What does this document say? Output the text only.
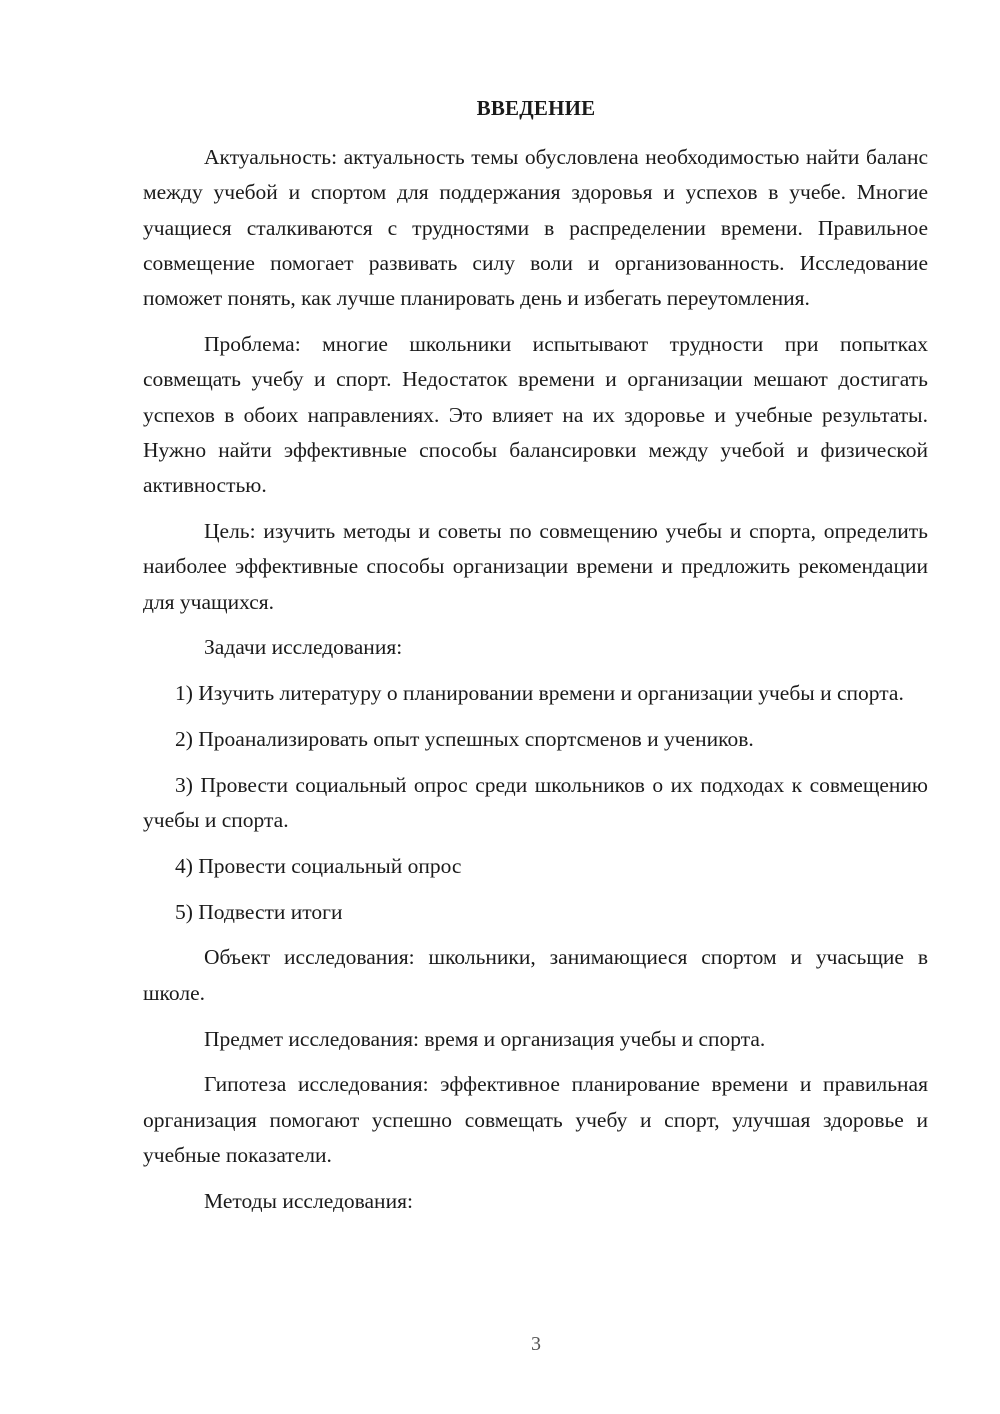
ВВЕДЕНИЕ

Актуальность: актуальность темы обусловлена необходимостью найти баланс между учебой и спортом для поддержания здоровья и успехов в учебе. Многие учащиеся сталкиваются с трудностями в распределении времени. Правильное совмещение помогает развивать силу воли и организованность. Исследование поможет понять, как лучше планировать день и избегать переутомления.

Проблема: многие школьники испытывают трудности при попытках совмещать учебу и спорт. Недостаток времени и организации мешают достигать успехов в обоих направлениях. Это влияет на их здоровье и учебные результаты. Нужно найти эффективные способы балансировки между учебой и физической активностью.

Цель: изучить методы и советы по совмещению учебы и спорта, определить наиболее эффективные способы организации времени и предложить рекомендации для учащихся.

Задачи исследования:

1) Изучить литературу о планировании времени и организации учебы и спорта.

2) Проанализировать опыт успешных спортсменов и учеников.

3) Провести социальный опрос среди школьников о их подходах к совмещению учебы и спорта.

4) Провести социальный опрос

5) Подвести итоги

Объект исследования: школьники, занимающиеся спортом и учасьщие в школе.

Предмет исследования: время и организация учебы и спорта.

Гипотеза исследования: эффективное планирование времени и правильная организация помогают успешно совмещать учебу и спорт, улучшая здоровье и учебные показатели.

Методы исследования:

3
